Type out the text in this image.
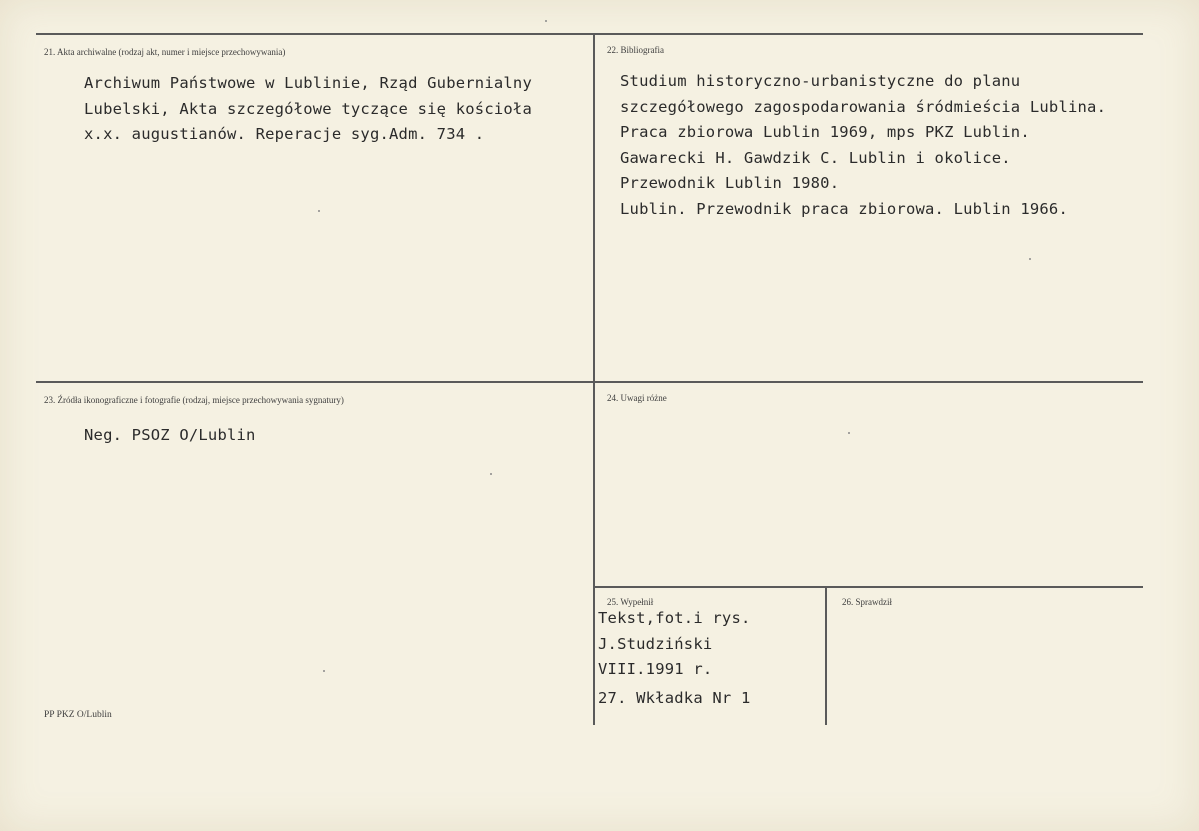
21. Akta archiwalne (rodzaj akt, numer i miejsce przechowywania)
Archiwum Państwowe w Lublinie, Rząd Gubernialny
Lubelski, Akta szczegółowe tyczące się kościoła
x.x. augustianów. Reperacje syg.Adm. 734 .
22. Bibliografia
Studium historyczno-urbanistyczne do planu
szczegółowego zagospodarowania śródmieścia Lublina.
Praca zbiorowa Lublin 1969, mps PKZ Lublin.
Gawarecki H. Gawdzik C. Lublin i okolice.
Przewodnik Lublin 1980.
Lublin. Przewodnik praca zbiorowa. Lublin 1966.
23. Źródła ikonograficzne i fotografie (rodzaj, miejsce przechowywania sygnatury)
Neg. PSOZ O/Lublin
24. Uwagi różne
25. Wypełnił
Tekst,fot.i rys.
J.Studziński
VIII.1991 r.
27. Wkładka Nr 1
26. Sprawdził
PP PKZ O/Lublin
